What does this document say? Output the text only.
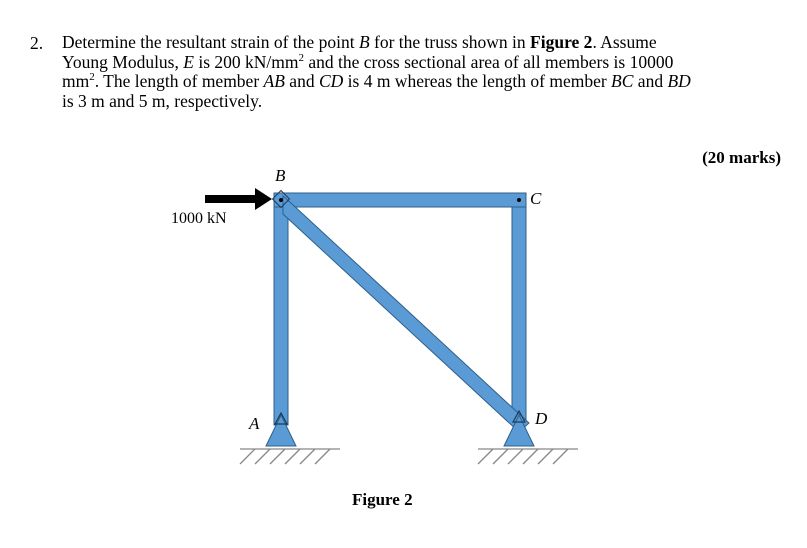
2. Determine the resultant strain of the point B for the truss shown in Figure 2. Assume

Young Modulus, E is 200 $kN/mm^2$ and the cross sectional area of all members is 10000

$mm^2$. The length of member AB and CD is 4 m whereas the length of member BC and BD

is 3 m and 5 m, respectively.

(20 marks)
1000 kN
B
C
A	D
Figure 2
